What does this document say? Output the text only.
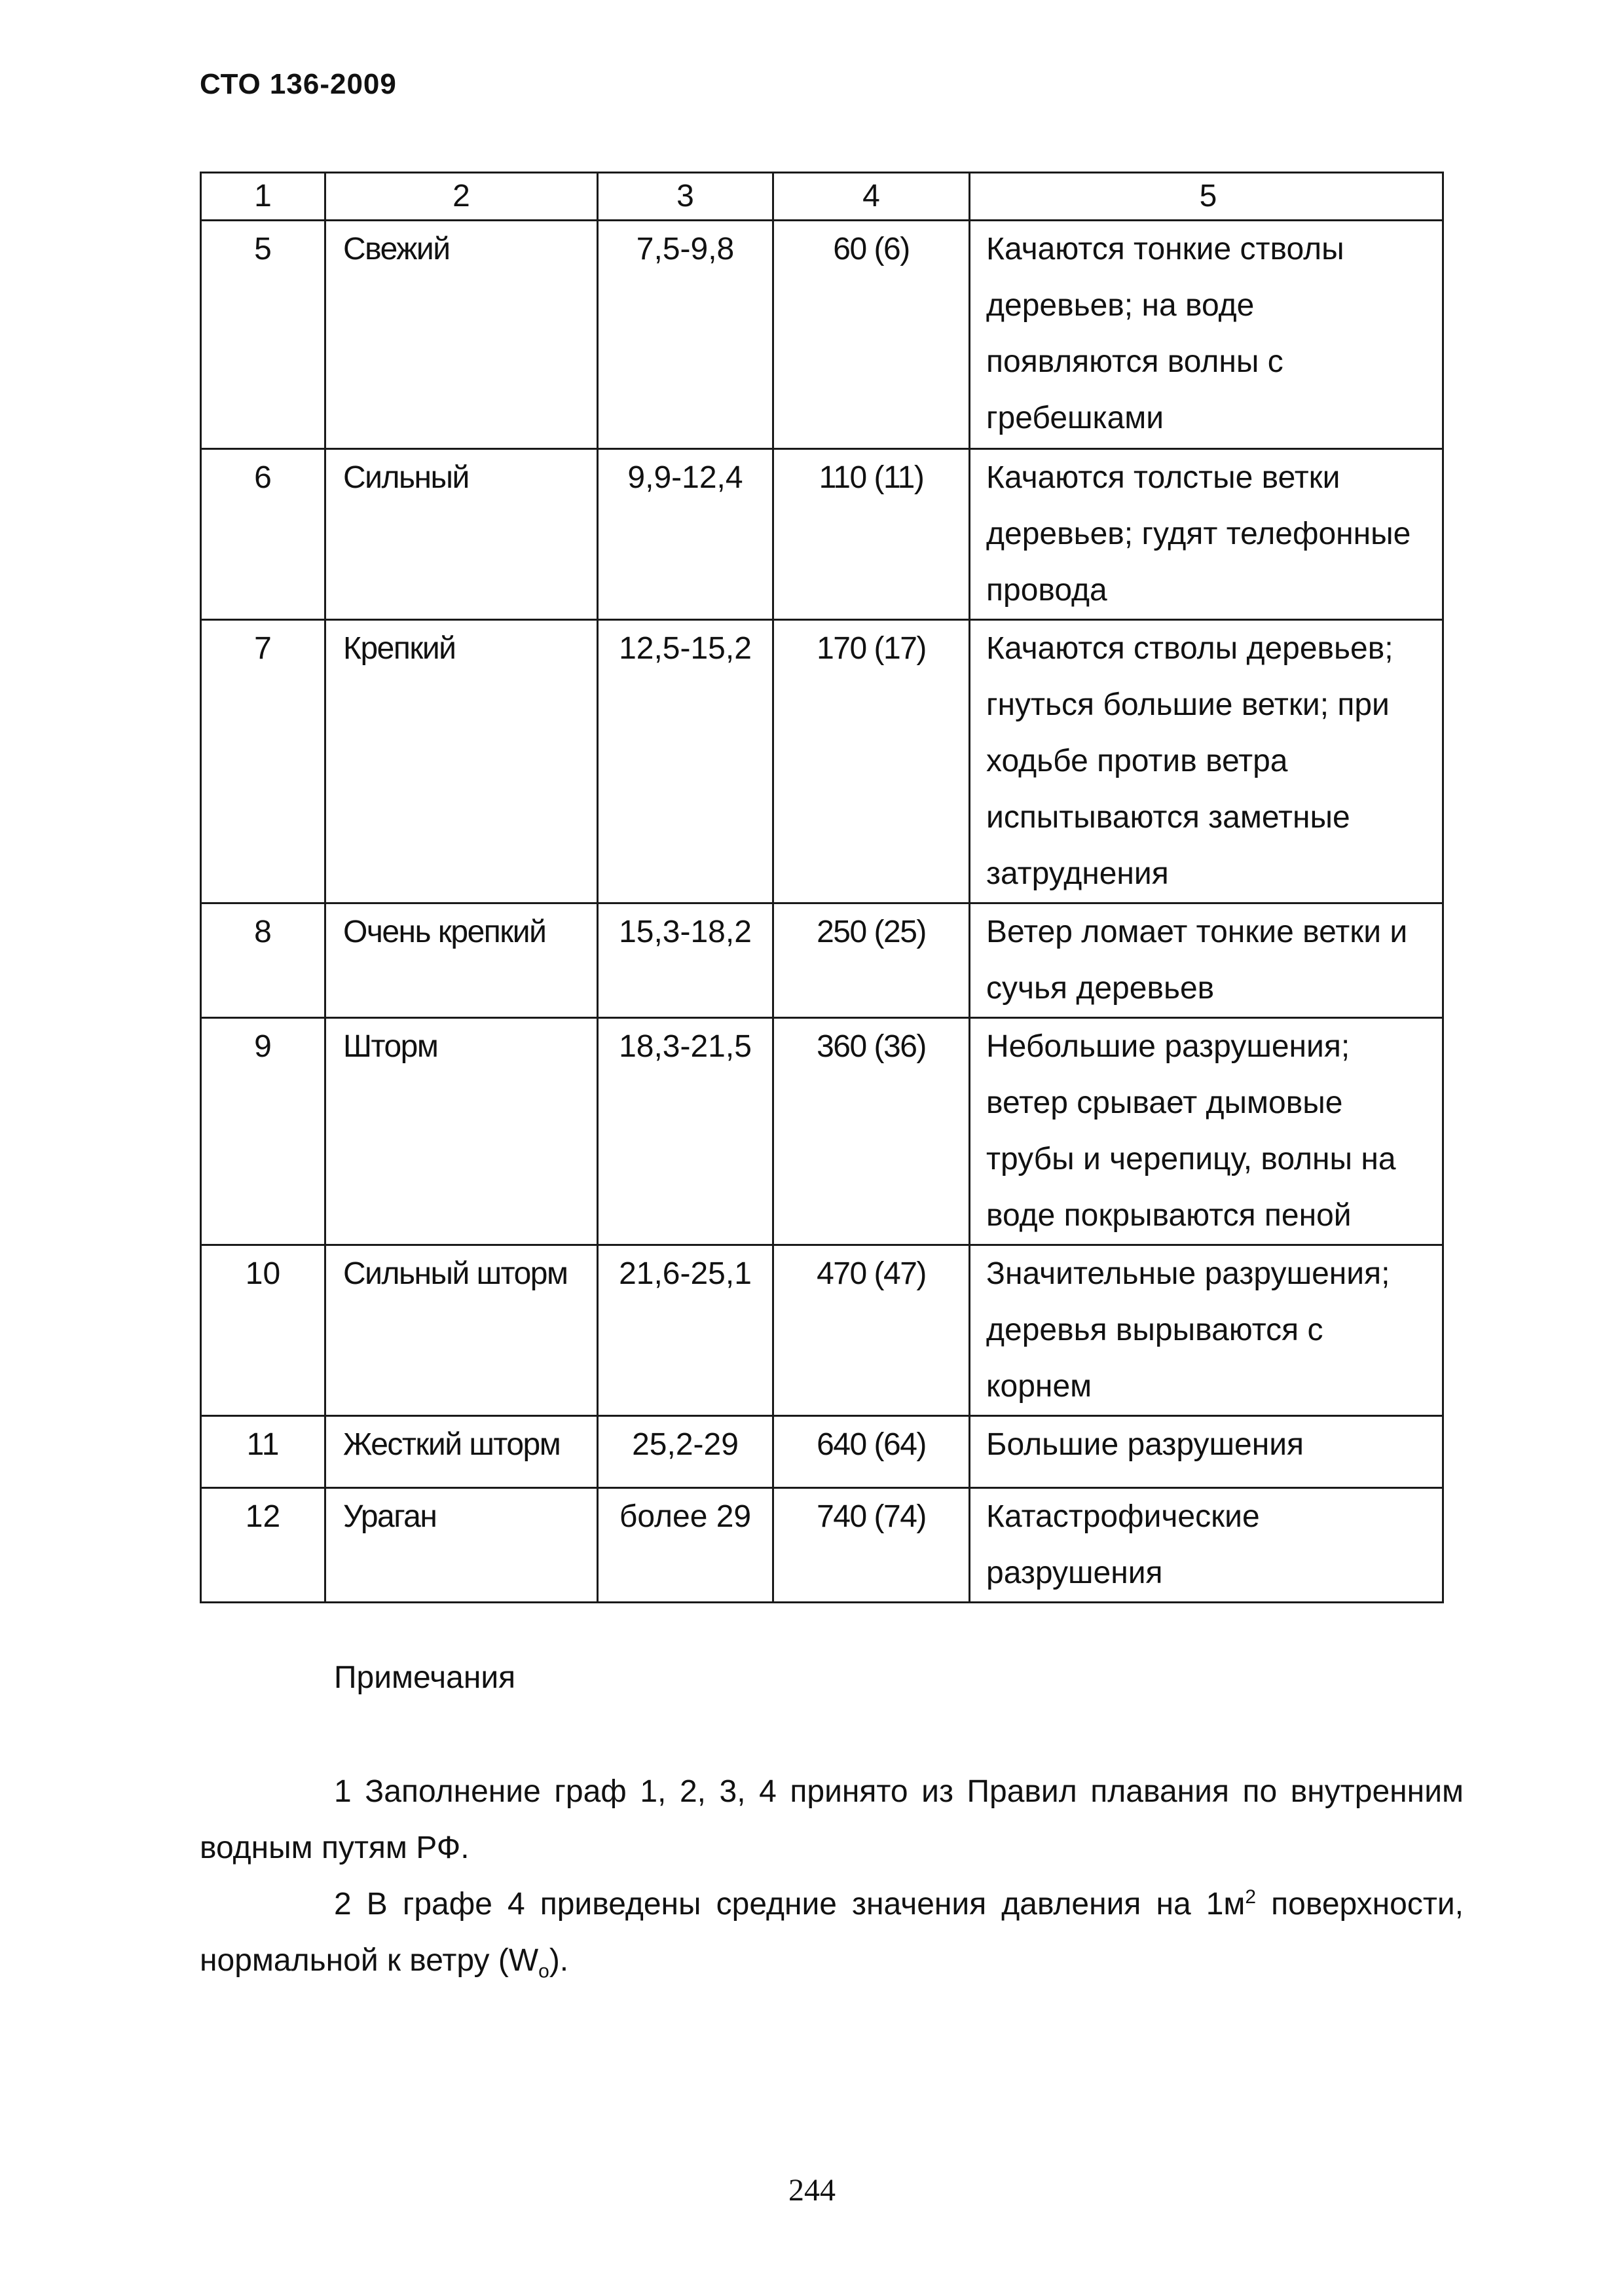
СТО 136-2009
1	2	3	4	5
5	Свежий	7,5-9,8	60 (6)	Качаются тонкие стволы деревьев; на воде появляются волны с гребешками
6	Сильный	9,9-12,4	110 (11)	Качаются толстые ветки деревьев; гудят телефонные провода
7	Крепкий	12,5-15,2	170 (17)	Качаются стволы деревьев; гнуться большие ветки; при ходьбе против ветра испытываются заметные затруднения
8	Очень крепкий	15,3-18,2	250 (25)	Ветер ломает тонкие ветки и сучья деревьев
9	Шторм	18,3-21,5	360 (36)	Небольшие разрушения; ветер срывает дымовые трубы и черепицу, волны на воде покрываются пеной
10	Сильный шторм	21,6-25,1	470 (47)	Значительные разрушения; деревья вырываются с корнем
11	Жесткий шторм	25,2-29	640 (64)	Большие разрушения
12	Ураган	более 29	740 (74)	Катастрофические разрушения

Примечания

1 Заполнение граф 1, 2, 3, 4 принято из Правил плавания по внутренним водным путям РФ.

2 В графе 4 приведены средние значения давления на $1м^2$ поверхности, нормальной к ветру $(W_о)$.

244
